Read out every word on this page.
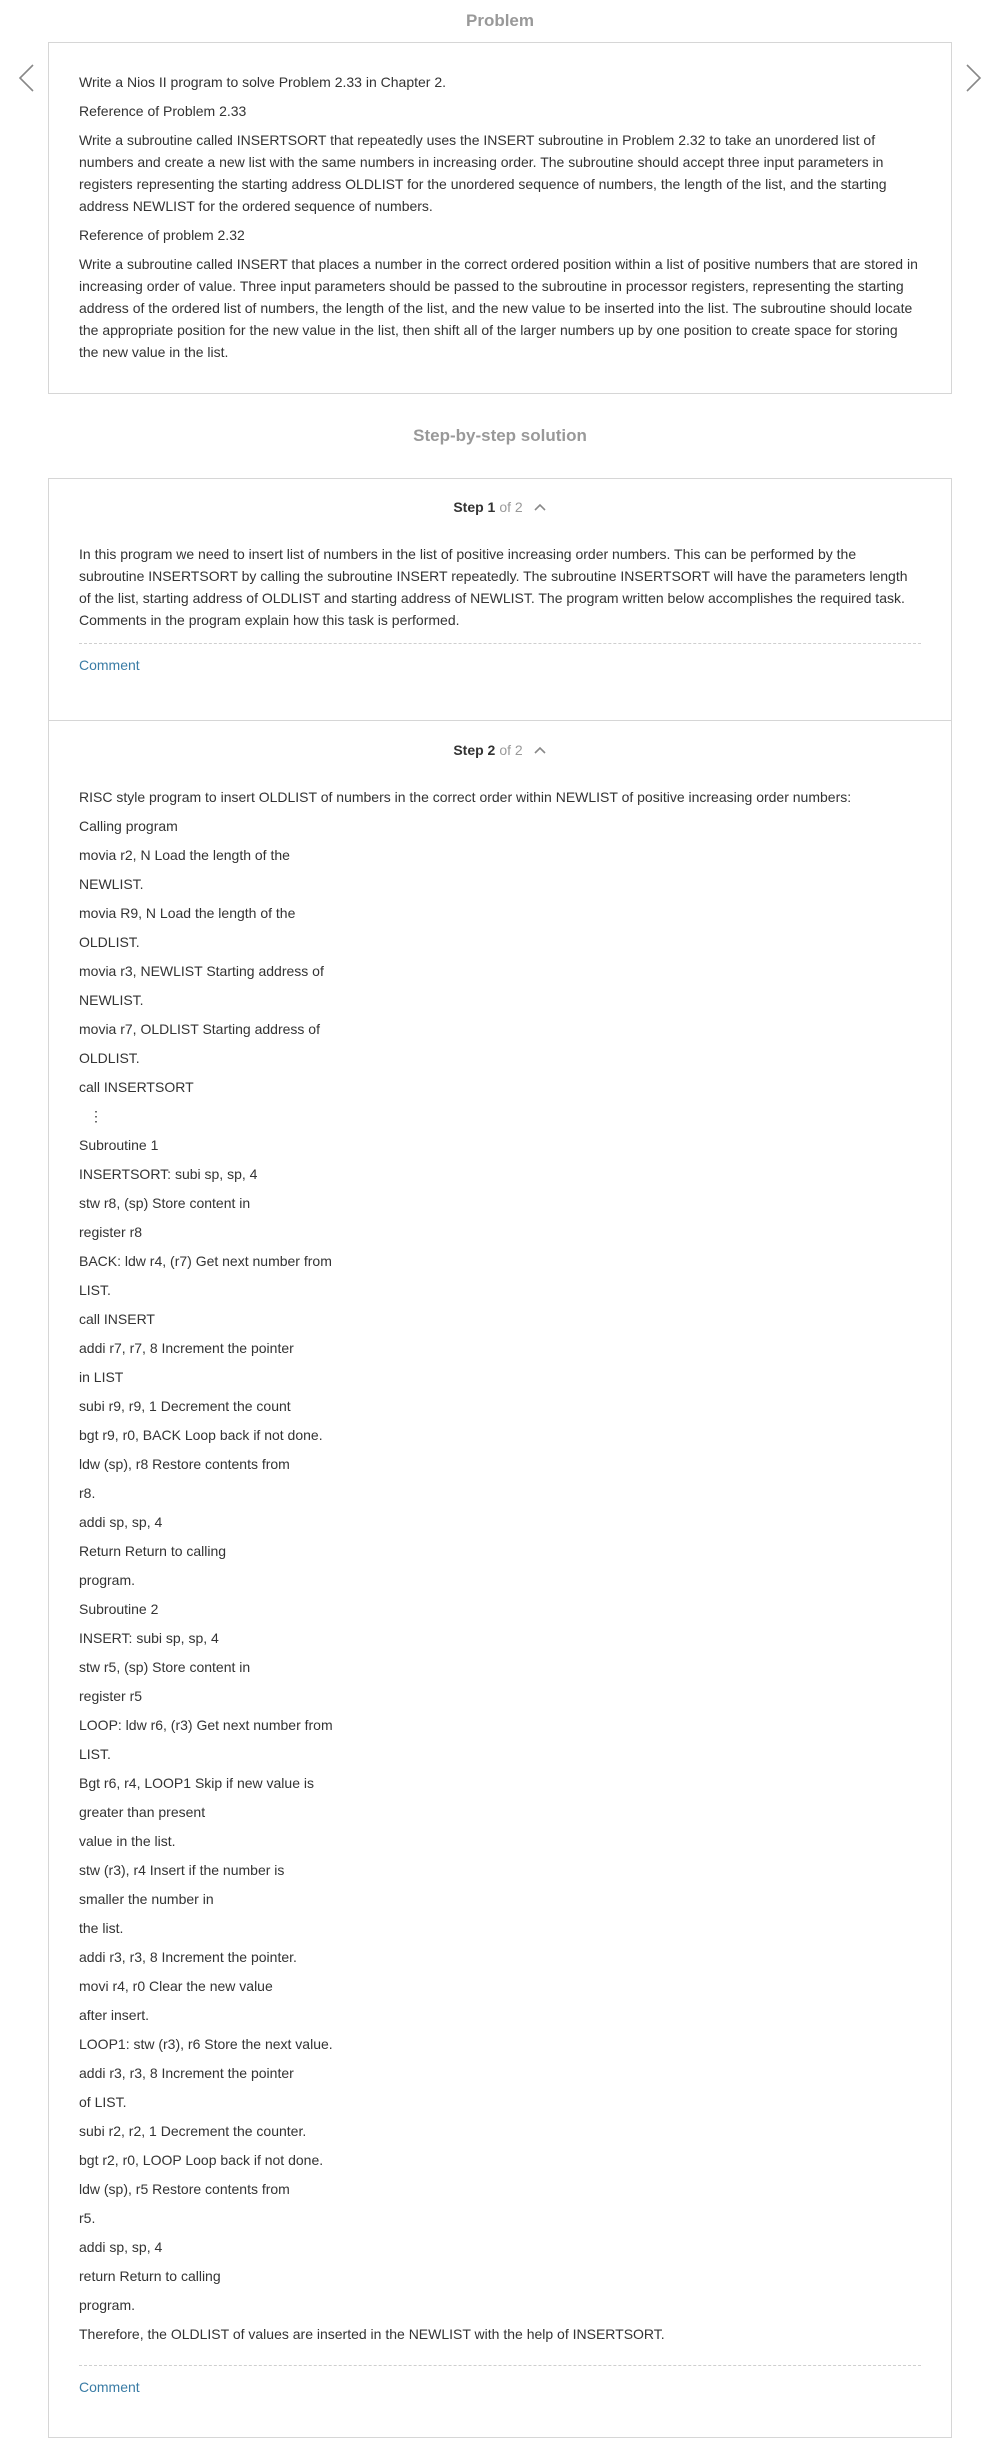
Problem

Write a Nios II program to solve Problem 2.33 in Chapter 2.

Reference of Problem 2.33

Write a subroutine called INSERTSORT that repeatedly uses the INSERT subroutine in Problem 2.32 to take an unordered list of numbers and create a new list with the same numbers in increasing order. The subroutine should accept three input parameters in registers representing the starting address OLDLIST for the unordered sequence of numbers, the length of the list, and the starting address NEWLIST for the ordered sequence of numbers.

Reference of problem 2.32

Write a subroutine called INSERT that places a number in the correct ordered position within a list of positive numbers that are stored in increasing order of value. Three input parameters should be passed to the subroutine in processor registers, representing the starting address of the ordered list of numbers, the length of the list, and the new value to be inserted into the list. The subroutine should locate the appropriate position for the new value in the list, then shift all of the larger numbers up by one position to create space for storing the new value in the list.

Step-by-step solution
Step 1 of 2

In this program we need to insert list of numbers in the list of positive increasing order numbers. This can be performed by the subroutine INSERTSORT by calling the subroutine INSERT repeatedly. The subroutine INSERTSORT will have the parameters length of the list, starting address of OLDLIST and starting address of NEWLIST. The program written below accomplishes the required task. Comments in the program explain how this task is performed.

Comment
Step 2 of 2
RISC style program to insert OLDLIST of numbers in the correct order within NEWLIST of positive increasing order numbers:
Calling program
movia r2, N Load the length of the
NEWLIST.
movia R9, N Load the length of the
OLDLIST.
movia r3, NEWLIST Starting address of
NEWLIST.
movia r7, OLDLIST Starting address of
OLDLIST.
call INSERTSORT
⋮
Subroutine 1
INSERTSORT: subi sp, sp, 4
stw r8, (sp) Store content in
register r8
BACK: ldw r4, (r7) Get next number from
LIST.
call INSERT
addi r7, r7, 8 Increment the pointer
in LIST
subi r9, r9, 1 Decrement the count
bgt r9, r0, BACK Loop back if not done.
ldw (sp), r8 Restore contents from
r8.
addi sp, sp, 4
Return Return to calling
program.
Subroutine 2
INSERT: subi sp, sp, 4
stw r5, (sp) Store content in
register r5
LOOP: ldw r6, (r3) Get next number from
LIST.
Bgt r6, r4, LOOP1 Skip if new value is
greater than present
value in the list.
stw (r3), r4 Insert if the number is
smaller the number in
the list.
addi r3, r3, 8 Increment the pointer.
movi r4, r0 Clear the new value
after insert.
LOOP1: stw (r3), r6 Store the next value.
addi r3, r3, 8 Increment the pointer
of LIST.
subi r2, r2, 1 Decrement the counter.
bgt r2, r0, LOOP Loop back if not done.
ldw (sp), r5 Restore contents from
r5.
addi sp, sp, 4
return Return to calling
program.
Therefore, the OLDLIST of values are inserted in the NEWLIST with the help of INSERTSORT.
Comment
